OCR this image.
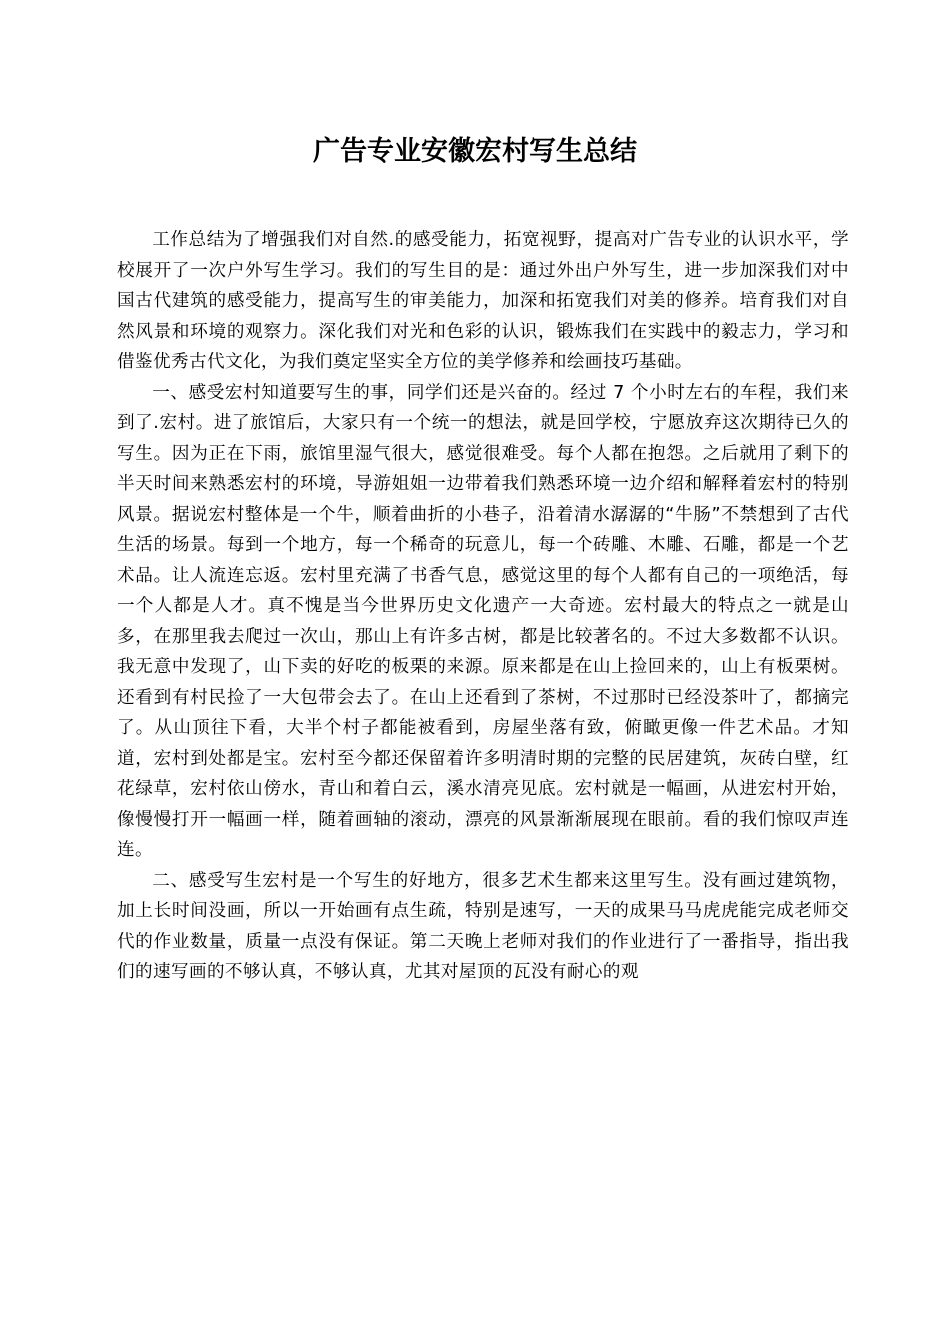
广告专业安徽宏村写生总结

工作总结为了增强我们对自然.的感受能力，拓宽视野，提高对广告专业的认识水平，学校展开了一次户外写生学习。我们的写生目的是：通过外出户外写生，进一步加深我们对中国古代建筑的感受能力，提高写生的审美能力，加深和拓宽我们对美的修养。培育我们对自然风景和环境的观察力。深化我们对光和色彩的认识，锻炼我们在实践中的毅志力，学习和借鉴优秀古代文化，为我们奠定坚实全方位的美学修养和绘画技巧基础。

一、感受宏村知道要写生的事，同学们还是兴奋的。经过 7 个小时左右的车程，我们来到了.宏村。进了旅馆后，大家只有一个统一的想法，就是回学校，宁愿放弃这次期待已久的写生。因为正在下雨，旅馆里湿气很大，感觉很难受。每个人都在抱怨。之后就用了剩下的半天时间来熟悉宏村的环境，导游姐姐一边带着我们熟悉环境一边介绍和解释着宏村的特别风景。据说宏村整体是一个牛，顺着曲折的小巷子，沿着清水潺潺的“牛肠”不禁想到了古代生活的场景。每到一个地方，每一个稀奇的玩意儿，每一个砖雕、木雕、石雕，都是一个艺术品。让人流连忘返。宏村里充满了书香气息，感觉这里的每个人都有自己的一项绝活，每一个人都是人才。真不愧是当今世界历史文化遗产一大奇迹。宏村最大的特点之一就是山多，在那里我去爬过一次山，那山上有许多古树，都是比较著名的。不过大多数都不认识。我无意中发现了，山下卖的好吃的板栗的来源。原来都是在山上捡回来的，山上有板栗树。还看到有村民捡了一大包带会去了。在山上还看到了茶树，不过那时已经没茶叶了，都摘完了。从山顶往下看，大半个村子都能被看到，房屋坐落有致，俯瞰更像一件艺术品。才知道，宏村到处都是宝。宏村至今都还保留着许多明清时期的完整的民居建筑，灰砖白壁，红花绿草，宏村依山傍水，青山和着白云，溪水清亮见底。宏村就是一幅画，从进宏村开始，像慢慢打开一幅画一样，随着画轴的滚动，漂亮的风景渐渐展现在眼前。看的我们惊叹声连连。

二、感受写生宏村是一个写生的好地方，很多艺术生都来这里写生。没有画过建筑物，加上长时间没画，所以一开始画有点生疏，特别是速写，一天的成果马马虎虎能完成老师交代的作业数量，质量一点没有保证。第二天晚上老师对我们的作业进行了一番指导，指出我们的速写画的不够认真，不够认真，尤其对屋顶的瓦没有耐心的观
